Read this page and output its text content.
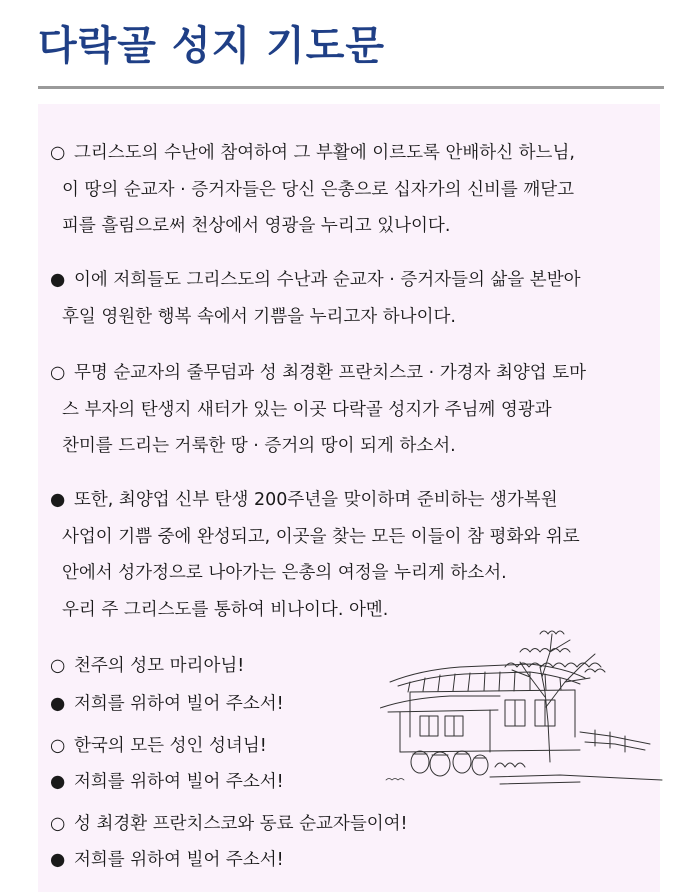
다락골 성지 기도문
○ 그리스도의 수난에 참여하여 그 부활에 이르도록 안배하신 하느님,
이 땅의 순교자 · 증거자들은 당신 은총으로 십자가의 신비를 깨닫고
피를 흘림으로써 천상에서 영광을 누리고 있나이다.
● 이에 저희들도 그리스도의 수난과 순교자 · 증거자들의 삶을 본받아
후일 영원한 행복 속에서 기쁨을 누리고자 하나이다.
○ 무명 순교자의 줄무덤과 성 최경환 프란치스코 · 가경자 최양업 토마
스 부자의 탄생지 새터가 있는 이곳 다락골 성지가 주님께 영광과
찬미를 드리는 거룩한 땅 · 증거의 땅이 되게 하소서.
● 또한, 최양업 신부 탄생 200주년을 맞이하며 준비하는 생가복원
사업이 기쁨 중에 완성되고, 이곳을 찾는 모든 이들이 참 평화와 위로
안에서 성가정으로 나아가는 은총의 여정을 누리게 하소서.
우리 주 그리스도를 통하여 비나이다. 아멘.

○ 천주의 성모 마리아님!

● 저희를 위하여 빌어 주소서!

○ 한국의 모든 성인 성녀님!

● 저희를 위하여 빌어 주소서!

○ 성 최경환 프란치스코와 동료 순교자들이여!

● 저희를 위하여 빌어 주소서!
